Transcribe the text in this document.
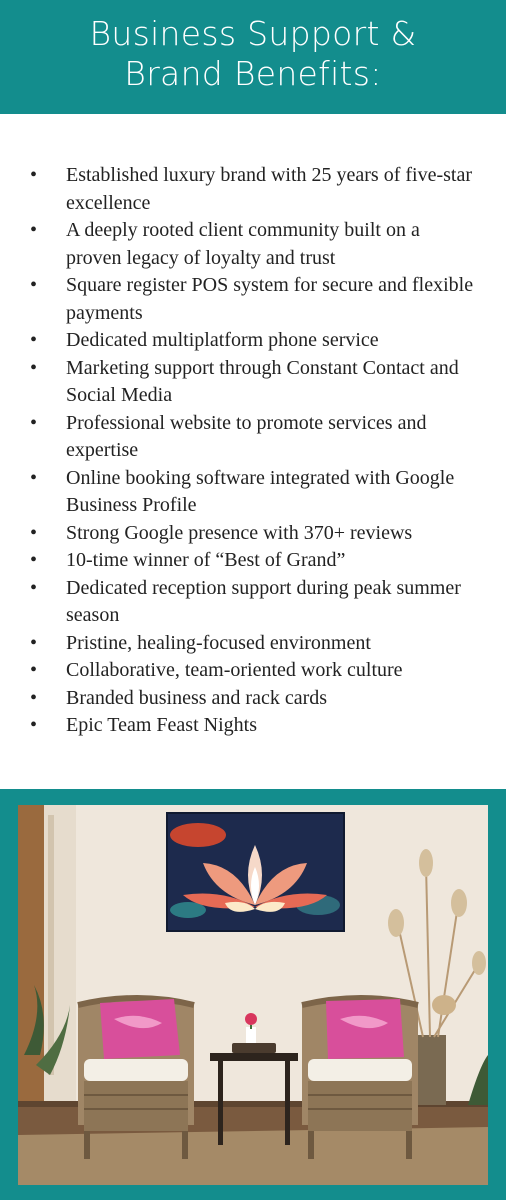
Business Support &
Brand Benefits:
• Established luxury brand with 25 years of five-star excellence
• A deeply rooted client community built on a proven legacy of loyalty and trust
• Square register POS system for secure and flexible payments
• Dedicated multiplatform phone service
• Marketing support through Constant Contact and Social Media
• Professional website to promote services and expertise
• Online booking software integrated with Google Business Profile
• Strong Google presence with 370+ reviews
• 10-time winner of “Best of Grand”
• Dedicated reception support during peak summer season
• Pristine, healing-focused environment
• Collaborative, team-oriented work culture
• Branded business and rack cards
• Epic Team Feast Nights
